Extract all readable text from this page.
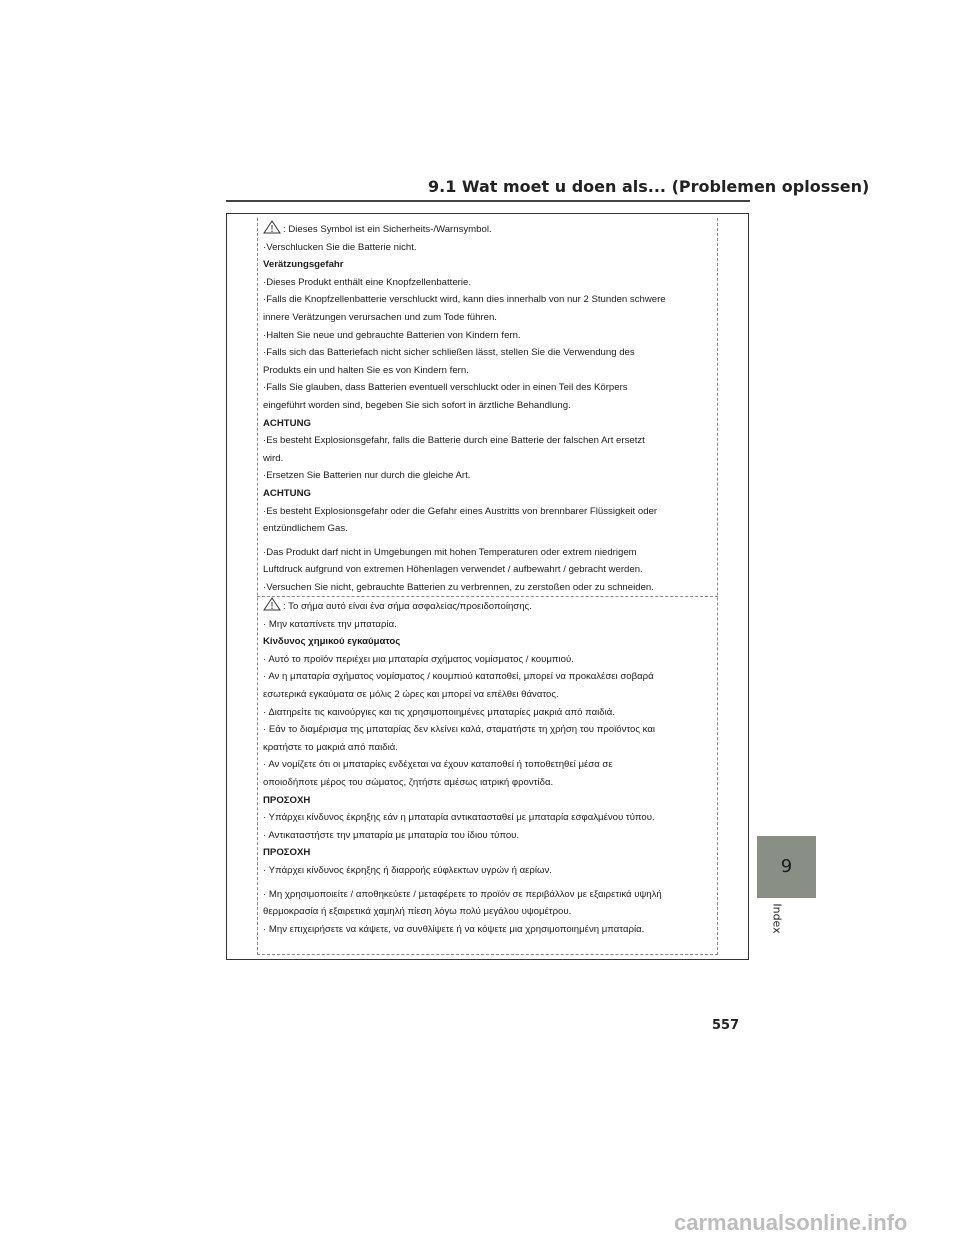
9.1 Wat moet u doen als... (Problemen oplossen)
: Dieses Symbol ist ein Sicherheits-/Warnsymbol.
·Verschlucken Sie die Batterie nicht.
Verätzungsgefahr
·Dieses Produkt enthält eine Knopfzellenbatterie.
·Falls die Knopfzellenbatterie verschluckt wird, kann dies innerhalb von nur 2 Stunden schwere
innere Verätzungen verursachen und zum Tode führen.
·Halten Sie neue und gebrauchte Batterien von Kindern fern.
·Falls sich das Batteriefach nicht sicher schließen lässt, stellen Sie die Verwendung des
Produkts ein und halten Sie es von Kindern fern.
·Falls Sie glauben, dass Batterien eventuell verschluckt oder in einen Teil des Körpers
eingeführt worden sind, begeben Sie sich sofort in ärztliche Behandlung.
ACHTUNG
·Es besteht Explosionsgefahr, falls die Batterie durch eine Batterie der falschen Art ersetzt
wird.
·Ersetzen Sie Batterien nur durch die gleiche Art.
ACHTUNG
·Es besteht Explosionsgefahr oder die Gefahr eines Austritts von brennbarer Flüssigkeit oder
entzündlichem Gas.
·Das Produkt darf nicht in Umgebungen mit hohen Temperaturen oder extrem niedrigem
Luftdruck aufgrund von extremen Höhenlagen verwendet / aufbewahrt / gebracht werden.
·Versuchen Sie nicht, gebrauchte Batterien zu verbrennen, zu zerstoßen oder zu schneiden.
: Το σήμα αυτό είναι ένα σήμα ασφαλείας/προειδοποίησης.
· Μην καταπίνετε την μπαταρία.
Κίνδυνος χημικού εγκαύματος
· Αυτό το προϊόν περιέχει μια μπαταρία σχήματος νομίσματος / κουμπιού.
· Αν η μπαταρία σχήματος νομίσματος / κουμπιού καταποθεί, μπορεί να προκαλέσει σοβαρά
εσωτερικά εγκαύματα σε μόλις 2 ώρες και μπορεί να επέλθει θάνατος.
· Διατηρείτε τις καινούργιες και τις χρησιμοποιημένες μπαταρίες μακριά από παιδιά.
· Εάν το διαμέρισμα της μπαταρίας δεν κλείνει καλά, σταματήστε τη χρήση του προϊόντος και
κρατήστε το μακριά από παιδιά.
· Αν νομίζετε ότι οι μπαταρίες ενδέχεται να έχουν καταποθεί ή τοποθετηθεί μέσα σε
οποιοδήποτε μέρος του σώματος, ζητήστε αμέσως ιατρική φροντίδα.
ΠΡΟΣΟΧΗ
· Υπάρχει κίνδυνος έκρηξης εάν η μπαταρία αντικατασταθεί με μπαταρία εσφαλμένου τύπου.
· Αντικαταστήστε την μπαταρία με μπαταρία του ίδιου τύπου.
ΠΡΟΣΟΧΗ
· Υπάρχει κίνδυνος έκρηξης ή διαρροής εύφλεκτων υγρών ή αερίων.
· Μη χρησιμοποιείτε / αποθηκεύετε / μεταφέρετε το προϊόν σε περιβάλλον με εξαιρετικά υψηλή
θερμοκρασία ή εξαιρετικά χαμηλή πίεση λόγω πολύ μεγάλου υψομέτρου.
· Μην επιχειρήσετε να κάψετε, να συνθλίψετε ή να κόψετε μια χρησιμοποιημένη μπαταρία.
9
Index
557
carmanualsonline.info
